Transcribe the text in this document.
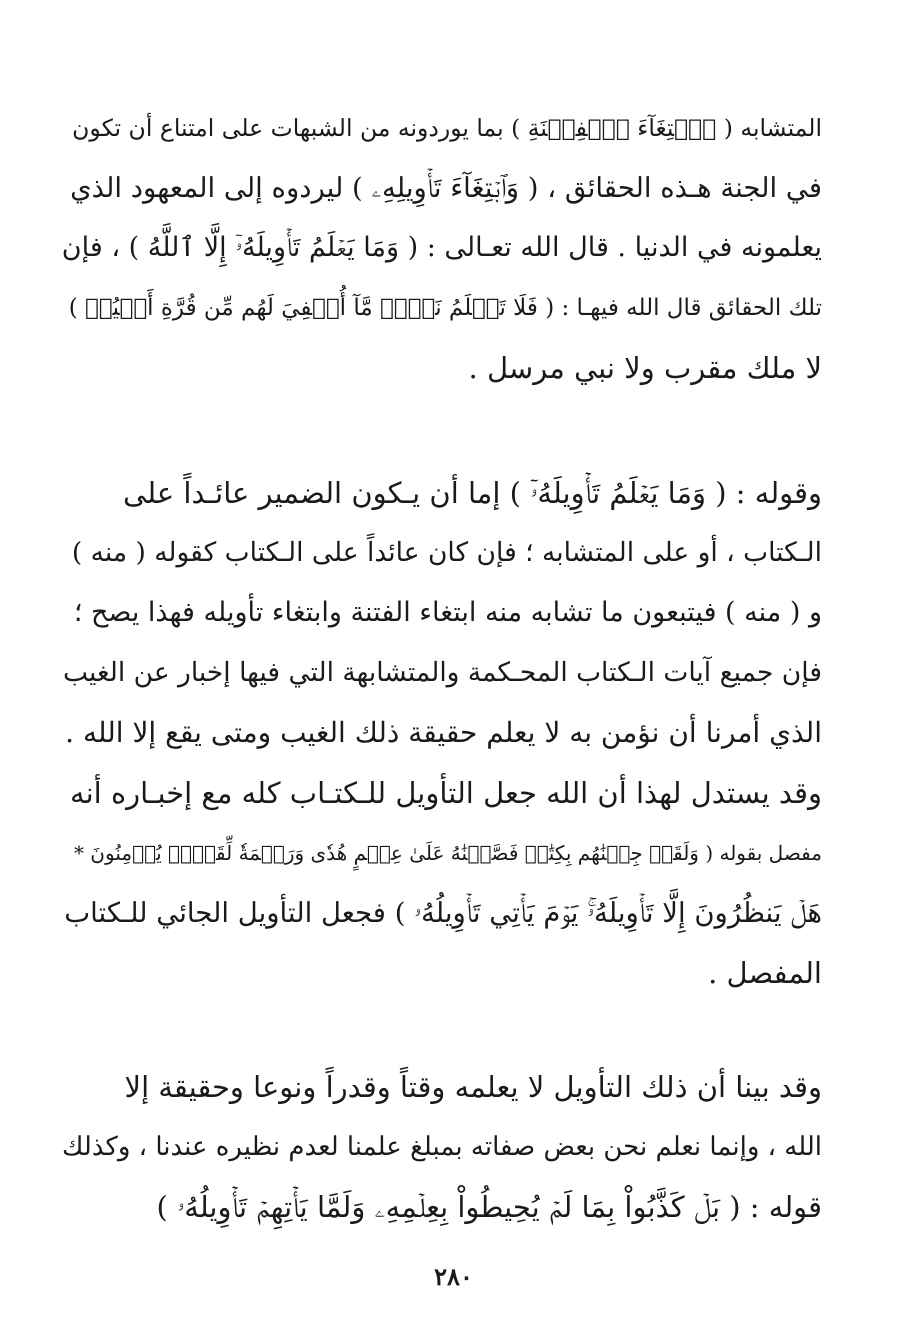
المتشابه ( ٱبۡتِغَآءَ ٱلۡفِتۡنَةِ ) بما يوردونه من الشبهات على امتناع أن تكون
في الجنة هـذه الحقائق ، ( وَٱبۡتِغَآءَ تَأۡوِيلِهِۦ ) ليردوه إلى المعهود الذي
يعلمونه في الدنيا . قال الله تعـالى : ( وَمَا يَعۡلَمُ تَأۡوِيلَهُۥٓ إِلَّا ٱللَّهُ ) ، فإن
تلك الحقائق قال الله فيهـا : ( فَلَا تَعۡلَمُ نَفۡسٞ مَّآ أُخۡفِيَ لَهُم مِّن قُرَّةِ أَعۡيُنٖ )
لا ملك مقرب ولا نبي مرسل .
وقوله : ( وَمَا يَعۡلَمُ تَأۡوِيلَهُۥٓ ) إما أن يـكون الضمير عائـداً على
الـكتاب ، أو على المتشابه ؛ فإن كان عائداً على الـكتاب كقوله ( منه )
و ( منه ) فيتبعون ما تشابه منه ابتغاء الفتنة وابتغاء تأويله فهذا يصح ؛
فإن جميع آيات الـكتاب المحـكمة والمتشابهة التي فيها إخبار عن الغيب
الذي أمرنا أن نؤمن به لا يعلم حقيقة ذلك الغيب ومتى يقع إلا الله .
وقد يستدل لهذا أن الله جعل التأويل للـكتـاب كله مع إخبـاره أنه
مفصل بقوله ( وَلَقَدۡ جِئۡنَٰهُم بِكِتَٰبٖ فَصَّلۡنَٰهُ عَلَىٰ عِلۡمٍ هُدٗى وَرَحۡمَةٗ لِّقَوۡمٖ يُؤۡمِنُونَ *
هَلۡ يَنظُرُونَ إِلَّا تَأۡوِيلَهُۥۚ يَوۡمَ يَأۡتِي تَأۡوِيلُهُۥ ) فجعل التأويل الجائي للـكتاب
المفصل .
وقد بينا أن ذلك التأويل لا يعلمه وقتاً وقدراً ونوعا وحقيقة إلا
الله ، وإنما نعلم نحن بعض صفاته بمبلغ علمنا لعدم نظيره عندنا ، وكذلك
قوله : ( بَلۡ كَذَّبُواْ بِمَا لَمۡ يُحِيطُواْ بِعِلۡمِهِۦ وَلَمَّا يَأۡتِهِمۡ تَأۡوِيلُهُۥ )
٢٨٠
